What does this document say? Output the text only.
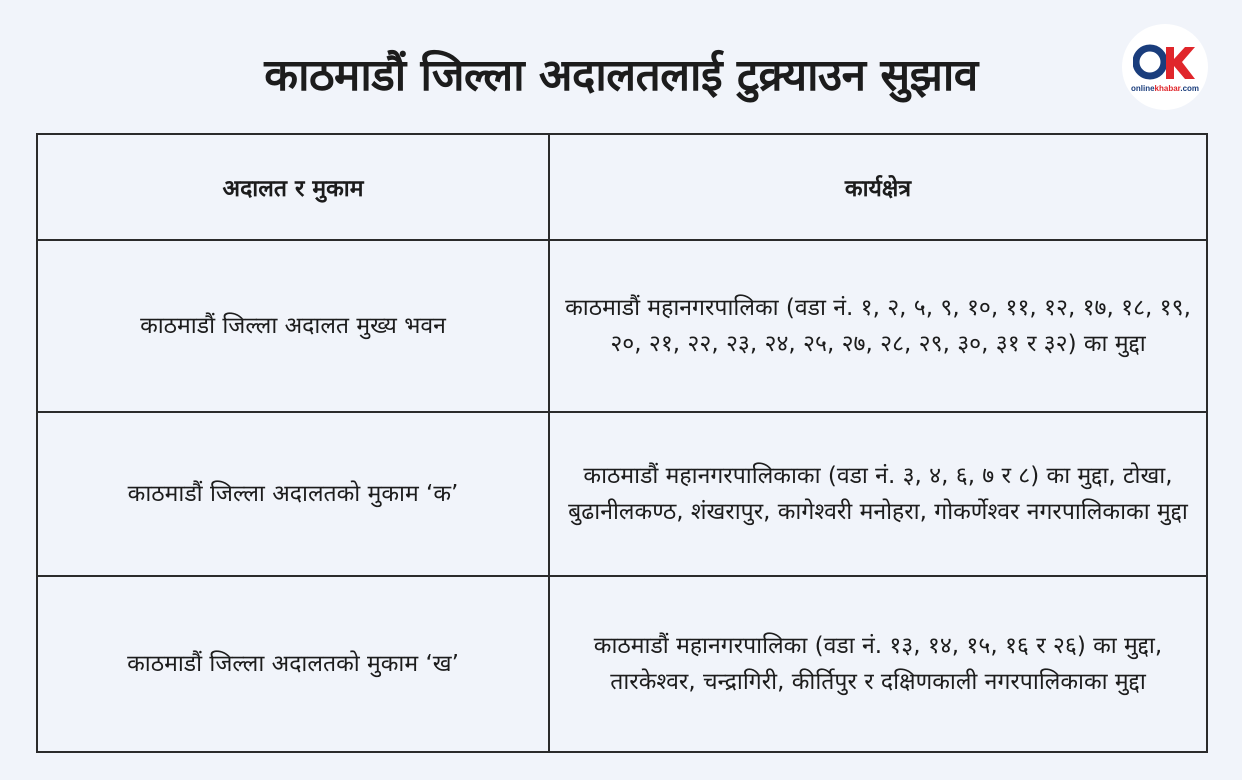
काठमाडौं जिल्ला अदालतलाई टुक्र्याउन सुझाव	onlinekhabar.com
अदालत र मुकाम	कार्यक्षेत्र
काठमाडौं जिल्ला अदालत मुख्य भवन	काठमाडौं महानगरपालिका (वडा नं. १, २, ५, ९, १०, ११, १२, १७, १८, १९, २०, २१, २२, २३, २४, २५, २७, २८, २९, ३०, ३१ र ३२) का मुद्दा
काठमाडौं जिल्ला अदालतको मुकाम ‘क’	काठमाडौं महानगरपालिकाका (वडा नं. ३, ४, ६, ७ र ८) का मुद्दा, टोखा, बुढानीलकण्ठ, शंखरापुर, कागेश्वरी मनोहरा, गोकर्णेश्वर नगरपालिकाका मुद्दा
काठमाडौं जिल्ला अदालतको मुकाम ‘ख’	काठमाडौं महानगरपालिका (वडा नं. १३, १४, १५, १६ र २६) का मुद्दा, तारकेश्वर, चन्द्रागिरी, कीर्तिपुर र दक्षिणकाली नगरपालिकाका मुद्दा
